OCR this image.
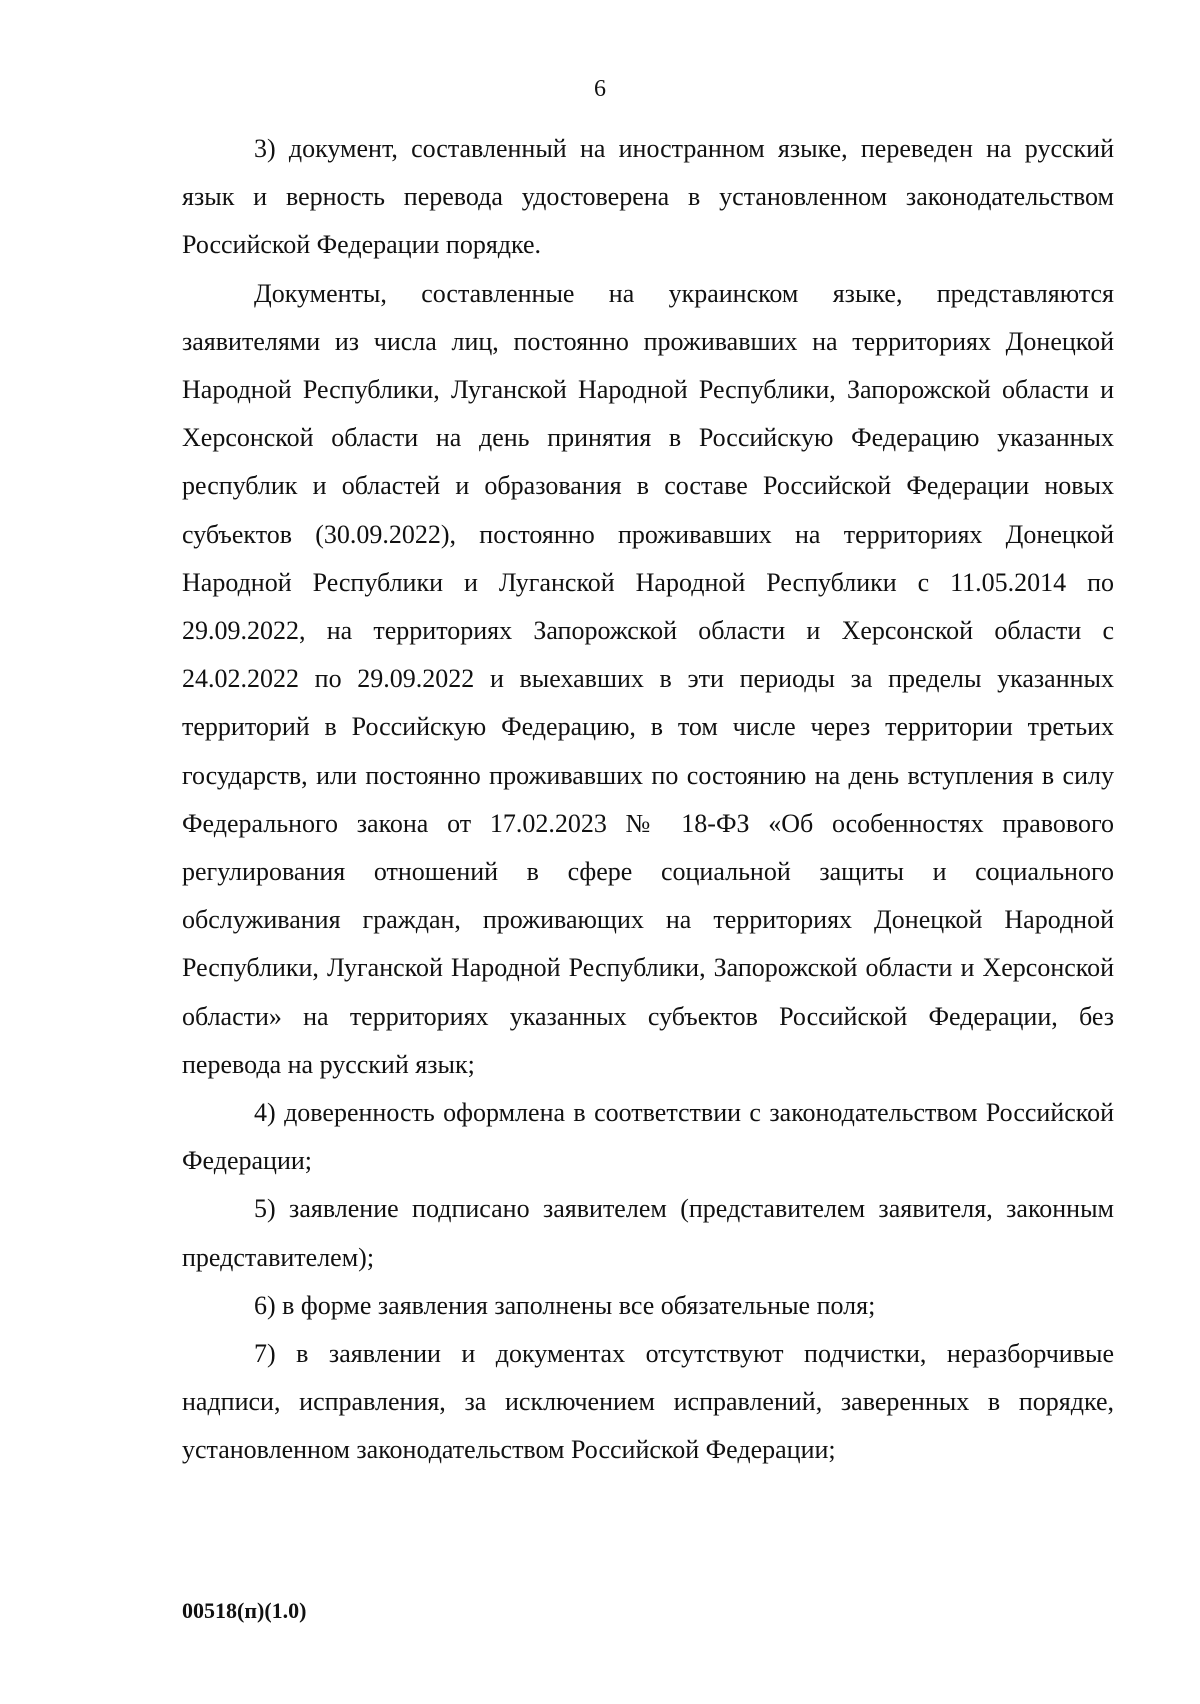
6

3) документ, составленный на иностранном языке, переведен на русский язык и верность перевода удостоверена в установленном законодательством Российской Федерации порядке.

Документы, составленные на украинском языке, представляются заявителями из числа лиц, постоянно проживавших на территориях Донецкой Народной Республики, Луганской Народной Республики, Запорожской области и Херсонской области на день принятия в Российскую Федерацию указанных республик и областей и образования в составе Российской Федерации новых субъектов (30.09.2022), постоянно проживавших на территориях Донецкой Народной Республики и Луганской Народной Республики с 11.05.2014 по 29.09.2022, на территориях Запорожской области и Херсонской области с 24.02.2022 по 29.09.2022 и выехавших в эти периоды за пределы указанных территорий в Российскую Федерацию, в том числе через территории третьих государств, или постоянно проживавших по состоянию на день вступления в силу Федерального закона от 17.02.2023 № 18-ФЗ «Об особенностях правового регулирования отношений в сфере социальной защиты и социального обслуживания граждан, проживающих на территориях Донецкой Народной Республики, Луганской Народной Республики, Запорожской области и Херсонской области» на территориях указанных субъектов Российской Федерации, без перевода на русский язык;

4) доверенность оформлена в соответствии с законодательством Российской Федерации;

5) заявление подписано заявителем (представителем заявителя, законным представителем);

6) в форме заявления заполнены все обязательные поля;

7) в заявлении и документах отсутствуют подчистки, неразборчивые надписи, исправления, за исключением исправлений, заверенных в порядке, установленном законодательством Российской Федерации;

00518(п)(1.0)
